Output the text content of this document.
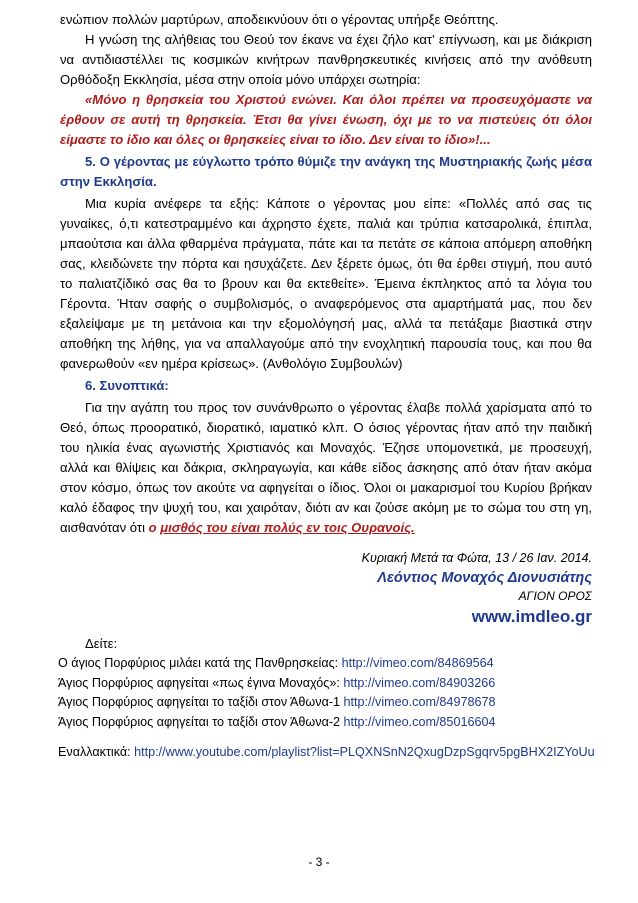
ενώπιον πολλών μαρτύρων, αποδεικνύουν ότι ο γέροντας υπήρξε Θεόπτης.

Η γνώση της αλήθειας του Θεού τον έκανε να έχει ζήλο κατ' επίγνωση, και με διάκριση να αντιδιαστέλλει τις κοσμικών κινήτρων πανθρησκευτικές κινήσεις από την ανόθευτη Ορθόδοξη Εκκλησία, μέσα στην οποία μόνο υπάρχει σωτηρία:

«Μόνο η θρησκεία του Χριστού ενώνει. Και όλοι πρέπει να προσευχόμαστε να έρθουν σε αυτή τη θρησκεία. Έτσι θα γίνει ένωση, όχι με το να πιστεύεις ότι όλοι είμαστε το ίδιο και όλες οι θρησκείες είναι το ίδιο. Δεν είναι το ίδιο»!...

5. Ο γέροντας με εύγλωττο τρόπο θύμιζε την ανάγκη της Μυστηριακής ζωής μέσα στην Εκκλησία.

Μια κυρία ανέφερε τα εξής: Κάποτε ο γέροντας μου είπε: «Πολλές από σας τις γυναίκες, ό,τι κατεστραμμένο και άχρηστο έχετε, παλιά και τρύπια κατσαρολικά, έπιπλα, μπαούτσια και άλλα φθαρμένα πράγματα, πάτε και τα πετάτε σε κάποια απόμερη αποθήκη σας, κλειδώνετε την πόρτα και ησυχάζετε. Δεν ξέρετε όμως, ότι θα έρθει στιγμή, που αυτό το παλιατζίδικό σας θα το βρουν και θα εκτεθείτε». Έμεινα έκπληκτος από τα λόγια του Γέροντα. Ήταν σαφής ο συμβολισμός, ο αναφερόμενος στα αμαρτήματά μας, που δεν εξαλείψαμε με τη μετάνοια και την εξομολόγησή μας, αλλά τα πετάξαμε βιαστικά στην αποθήκη της λήθης, για να απαλλαγούμε από την ενοχλητική παρουσία τους, και που θα φανερωθούν «εν ημέρα κρίσεως». (Ανθολόγιο Συμβουλών)

6. Συνοπτικά:

Για την αγάπη του προς τον συνάνθρωπο ο γέροντας έλαβε πολλά χαρίσματα από το Θεό, όπως προορατικό, διορατικό, ιαματικό κλπ. Ο όσιος γέροντας ήταν από την παιδική του ηλικία ένας αγωνιστής Χριστιανός και Μοναχός. Έζησε υπομονετικά, με προσευχή, αλλά και θλίψεις και δάκρια, σκληραγωγία, και κάθε είδος άσκησης από όταν ήταν ακόμα στον κόσμο, όπως τον ακούτε να αφηγείται ο ίδιος. Όλοι οι μακαρισμοί του Κυρίου βρήκαν καλό έδαφος την ψυχή του, και χαιρόταν, διότι αν και ζούσε ακόμη με το σώμα του στη γη, αισθανόταν ότι ο μισθός του είναι πολύς εν τοις Ουρανοίς.

Κυριακή Μετά τα Φώτα, 13 / 26 Ιαν. 2014.
Λεόντιος Μοναχός Διονυσιάτης
ΑΓΙΟΝ ΟΡΟΣ
www.imdleo.gr
Δείτε:
Ο άγιος Πορφύριος μιλάει κατά της Πανθρησκείας: http://vimeo.com/84869564
Άγιος Πορφύριος αφηγείται «πως έγινα Μοναχός»: http://vimeo.com/84903266
Άγιος Πορφύριος αφηγείται το ταξίδι στον Άθωνα-1 http://vimeo.com/84978678
Άγιος Πορφύριος αφηγείται το ταξίδι στον Άθωνα-2 http://vimeo.com/85016604
Εναλλακτικά: http://www.youtube.com/playlist?list=PLQXNSnN2QxugDzpSgqrv5pgBHX2IZYoUu
- 3 -
